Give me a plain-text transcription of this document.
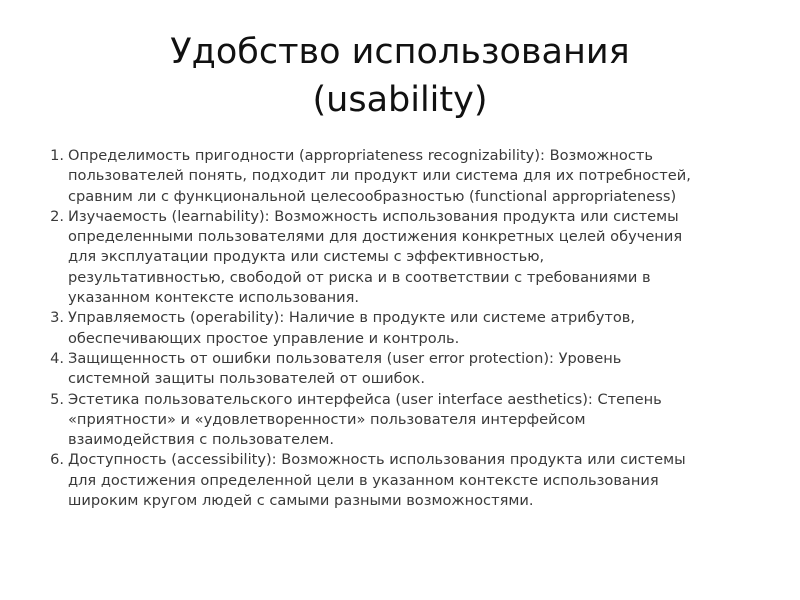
Удобство использования
(usability)
1. Определимость пригодности (appropriateness recognizability): Возможность
пользователей понять, подходит ли продукт или система для их потребностей,
сравним ли с функциональной целесообразностью (functional appropriateness)
2. Изучаемость (learnability): Возможность использования продукта или системы
определенными пользователями для достижения конкретных целей обучения
для эксплуатации продукта или системы с эффективностью,
результативностью, свободой от риска и в соответствии с требованиями в
указанном контексте использования.
3. Управляемость (operability): Наличие в продукте или системе атрибутов,
обеспечивающих простое управление и контроль.
4. Защищенность от ошибки пользователя (user error protection): Уровень
системной защиты пользователей от ошибок.
5. Эстетика пользовательского интерфейса (user interface aesthetics): Степень
«приятности» и «удовлетворенности» пользователя интерфейсом
взаимодействия с пользователем.
6. Доступность (accessibility): Возможность использования продукта или системы
для достижения определенной цели в указанном контексте использования
широким кругом людей с самыми разными возможностями.
